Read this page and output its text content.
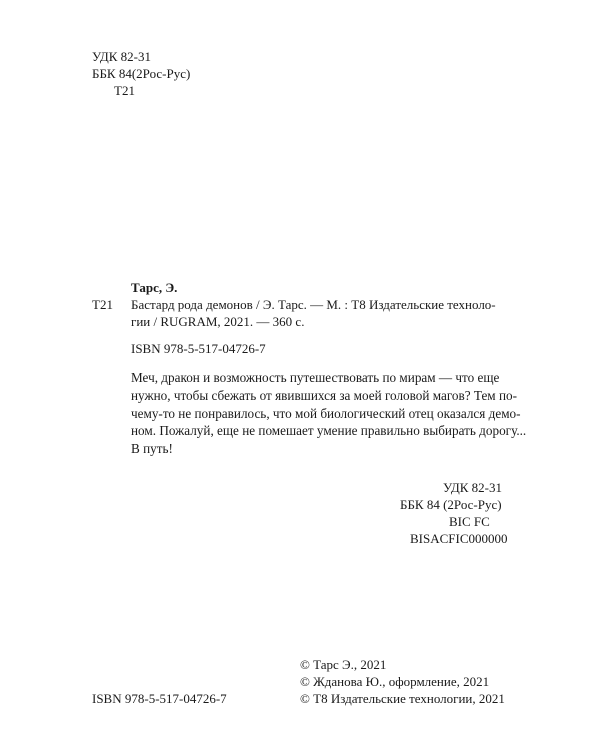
УДК 82-31
ББК 84(2Рос-Рус)
Т21
Тарс, Э.
Т21 Бастард рода демонов / Э. Тарс. — М. : Т8 Издательские техноло-
гии / RUGRAM, 2021. — 360 с.
ISBN 978-5-517-04726-7
Меч, дракон и возможность путешествовать по мирам — что еще
нужно, чтобы сбежать от явившихся за моей головой магов? Тем по-
чему-то не понравилось, что мой биологический отец оказался демо-
ном. Пожалуй, еще не помешает умение правильно выбирать дорогу...
В путь!
УДК 82-31
ББК 84 (2Рос-Рус)
BIC FC
BISACFIC000000
© Тарс Э., 2021
© Жданова Ю., оформление, 2021
ISBN 978-5-517-04726-7	© Т8 Издательские технологии, 2021
